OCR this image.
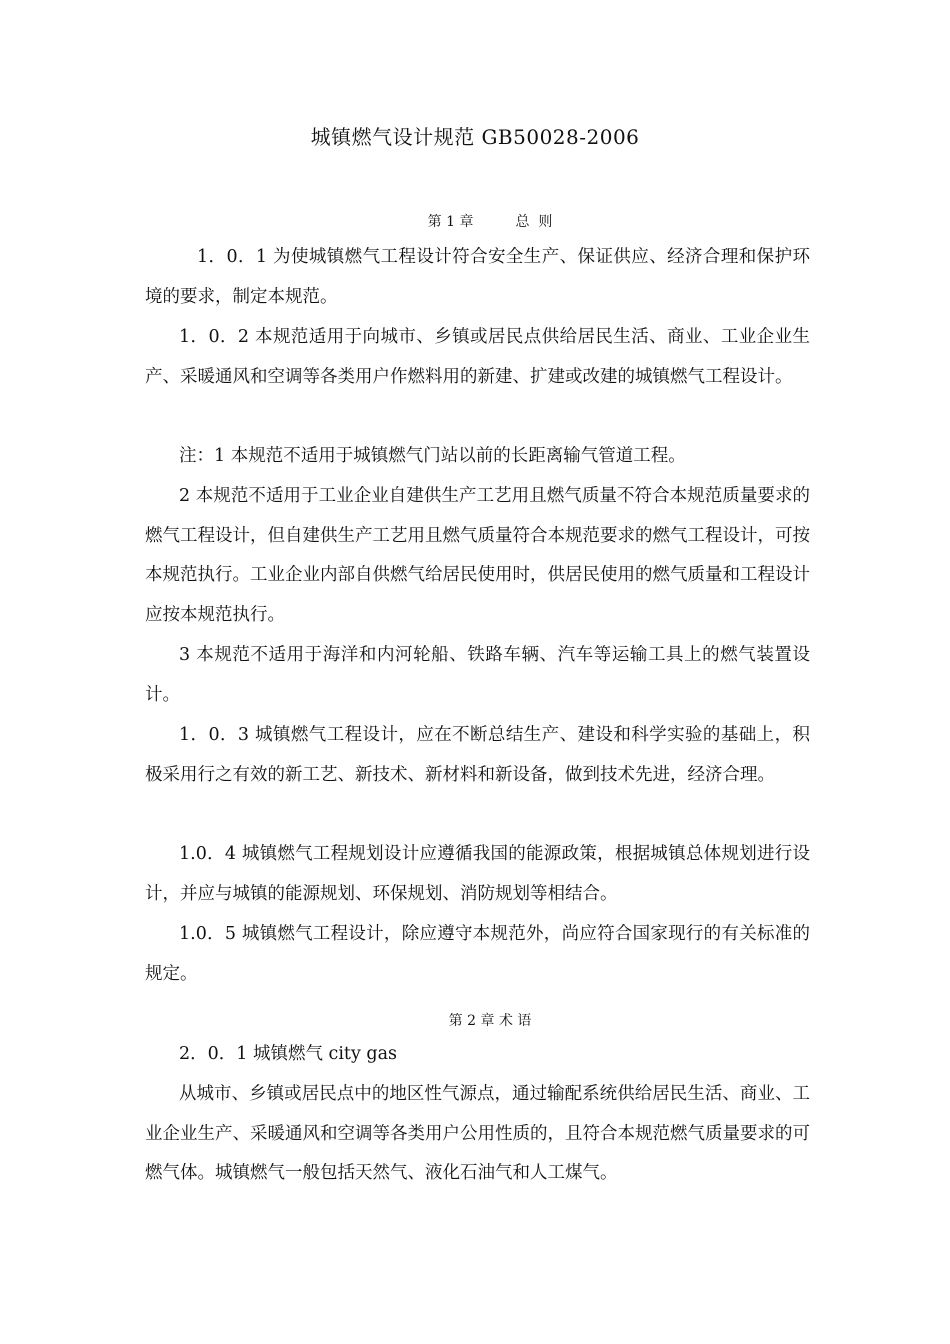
城镇燃气设计规范 GB50028-2006
第 1 章	总  则

1．0．1 为使城镇燃气工程设计符合安全生产、保证供应、经济合理和保护环境的要求，制定本规范。

1．0．2 本规范适用于向城市、乡镇或居民点供给居民生活、商业、工业企业生产、采暖通风和空调等各类用户作燃料用的新建、扩建或改建的城镇燃气工程设计。

注：1 本规范不适用于城镇燃气门站以前的长距离输气管道工程。

2 本规范不适用于工业企业自建供生产工艺用且燃气质量不符合本规范质量要求的燃气工程设计，但自建供生产工艺用且燃气质量符合本规范要求的燃气工程设计，可按本规范执行。工业企业内部自供燃气给居民使用时，供居民使用的燃气质量和工程设计应按本规范执行。

3 本规范不适用于海洋和内河轮船、铁路车辆、汽车等运输工具上的燃气装置设计。

1．0．3 城镇燃气工程设计，应在不断总结生产、建设和科学实验的基础上，积极采用行之有效的新工艺、新技术、新材料和新设备，做到技术先进，经济合理。

1.0．4 城镇燃气工程规划设计应遵循我国的能源政策，根据城镇总体规划进行设计，并应与城镇的能源规划、环保规划、消防规划等相结合。

1.0．5 城镇燃气工程设计，除应遵守本规范外，尚应符合国家现行的有关标准的规定。

第 2 章 术 语

2．0．1 城镇燃气 city gas

从城市、乡镇或居民点中的地区性气源点，通过输配系统供给居民生活、商业、工业企业生产、采暖通风和空调等各类用户公用性质的，且符合本规范燃气质量要求的可燃气体。城镇燃气一般包括天然气、液化石油气和人工煤气。
